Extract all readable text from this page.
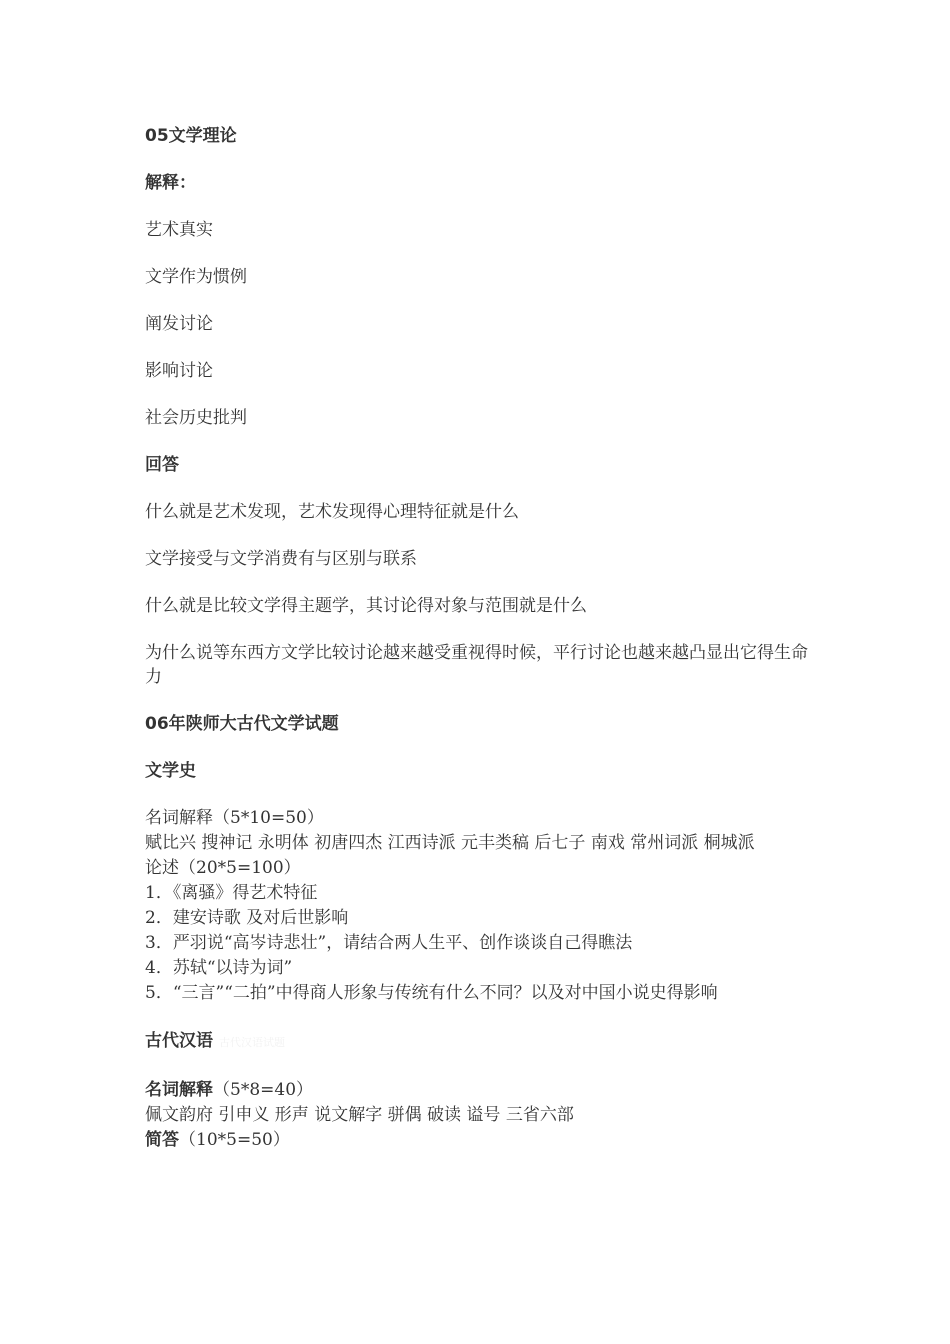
05文学理论
解释：
艺术真实
文学作为惯例
阐发讨论
影响讨论
社会历史批判
回答
什么就是艺术发现，艺术发现得心理特征就是什么
文学接受与文学消费有与区别与联系
什么就是比较文学得主题学，其讨论得对象与范围就是什么
为什么说等东西方文学比较讨论越来越受重视得时候，平行讨论也越来越凸显出它得生命力
06年陕师大古代文学试题
文学史
名词解释（5*10=50）
赋比兴 搜神记 永明体 初唐四杰 江西诗派 元丰类稿 后七子 南戏 常州词派 桐城派
论述（20*5=100）
1．《离骚》得艺术特征
2．建安诗歌 及对后世影响
3．严羽说“高岑诗悲壮”，请结合两人生平、创作谈谈自己得瞧法
4．苏轼“以诗为词”
5．“三言”“二拍”中得商人形象与传统有什么不同？以及对中国小说史得影响
古代汉语 古代汉语试题
名词解释（5*8=40）
佩文韵府 引申义 形声 说文解字 骈偶 破读 谥号 三省六部
简答（10*5=50）
